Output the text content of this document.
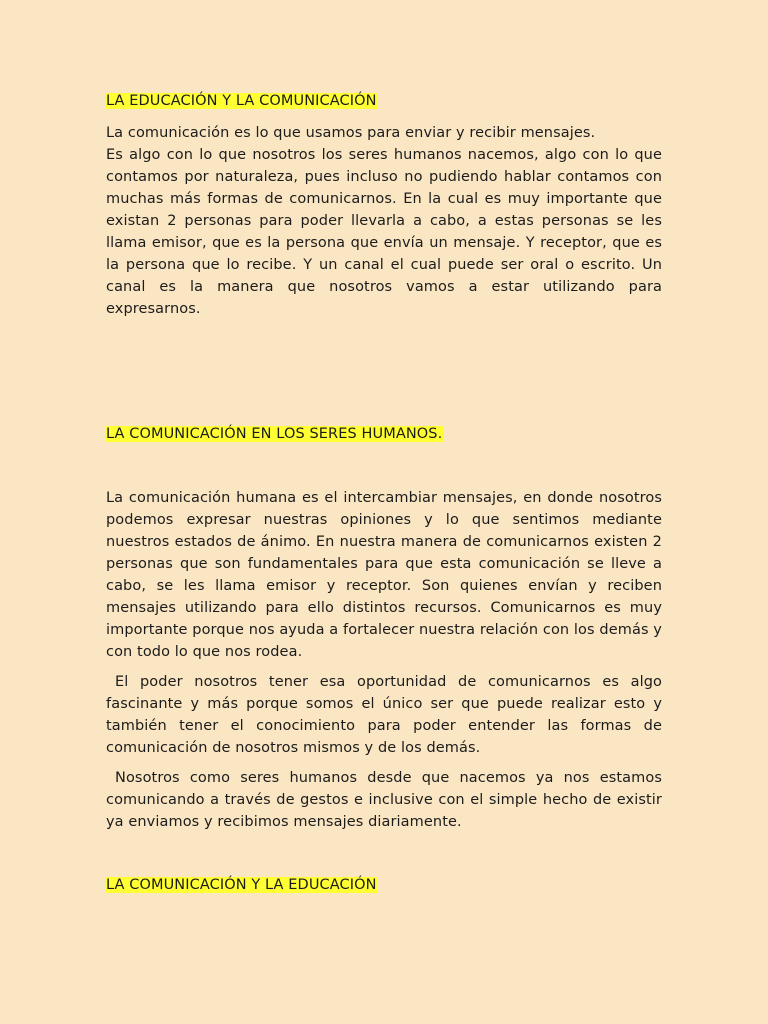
LA EDUCACIÓN Y LA COMUNICACIÓN

La comunicación es lo que usamos para enviar y recibir mensajes.

Es algo con lo que nosotros los seres humanos nacemos, algo con lo que contamos por naturaleza, pues incluso no pudiendo hablar contamos con muchas más formas de comunicarnos. En la cual es muy importante que existan 2 personas para poder llevarla a cabo, a estas personas se les llama emisor, que es la persona que envía un mensaje. Y receptor, que es la persona que lo recibe. Y un canal el cual puede ser oral o escrito. Un canal es la manera que nosotros vamos a estar utilizando para expresarnos.

LA COMUNICACIÓN EN LOS SERES HUMANOS.

La comunicación humana es el intercambiar mensajes, en donde nosotros podemos expresar nuestras opiniones y lo que sentimos mediante nuestros estados de ánimo. En nuestra manera de comunicarnos existen 2 personas que son fundamentales para que esta comunicación se lleve a cabo, se les llama emisor y receptor. Son quienes envían y reciben mensajes utilizando para ello distintos recursos. Comunicarnos es muy importante porque nos ayuda a fortalecer nuestra relación con los demás y con todo lo que nos rodea.

El poder nosotros tener esa oportunidad de comunicarnos es algo fascinante y más porque somos el único ser que puede realizar esto y también tener el conocimiento para poder entender las formas de comunicación de nosotros mismos y de los demás.

Nosotros como seres humanos desde que nacemos ya nos estamos comunicando a través de gestos e inclusive con el simple hecho de existir ya enviamos y recibimos mensajes diariamente.

LA COMUNICACIÓN Y LA EDUCACIÓN
